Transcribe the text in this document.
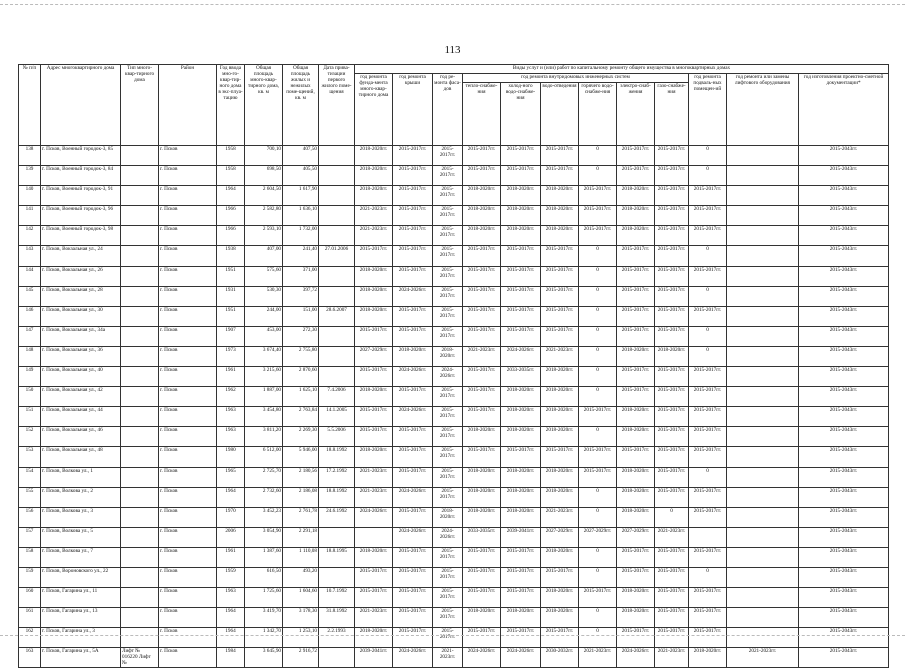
113
№ п/п	Адрес многоквартирного дома	Тип много-квар-тирного дома	Район	Год ввода мно-го-квар-тир-ного дома в экс-плуа-тацию	Общая площадь много-квар-тирного дома, кв. м	Общая площадь жилых и нежилых поме-щений, кв. м	Дата прива-тизации первого жилого поме-щения	Виды услуг и (или) работ по капитальному ремонту общего имущества в многоквартирных домах											
								год ремонта фунда-мента много-квар-тирного дома	год ремонта крыши	год ре-монта фаса-дов	год ремонта внутридомовых инженерных систем						год ремонта подваль-ных помещен-ий	год ремонта или замены лифтового оборудования	год изготовления проектно-сметной документации*
											тепло-снабже-ния	холод-ного водо-снабже-ния	водо-отведения	горячего водо-снабже-ния	электро-снаб-жения	газо-снабже-ния			
138	г. Псков, Военный городок-3, 85		г. Псков	1958	700,10	407,50		2018-2020гг.	2015-2017гг.	2015-2017гг.	2015-2017гг.	2015-2017гг.	2015-2017гг.	0	2015-2017гг.	2015-2017гг.	0		2015-2043гг.
139	г. Псков, Военный городок-3, 84		г. Псков	1958	698,50	405,50		2018-2020гг.	2015-2017гг.	2015-2017гг.	2015-2017гг.	2015-2017гг.	2015-2017гг.	0	2015-2017гг.	2015-2017гг.	0		2015-2043гг.
140	г. Псков, Военный городок-3, 91		г. Псков	1964	2 604,50	1 617,90		2018-2020гг.	2015-2017гг.	2015-2017гг.	2018-2020гг.	2018-2020гг.	2018-2020гг.	2015-2017гг.	2018-2020гг.	2015-2017гг.	2015-2017гг.		2015-2043гг.
141	г. Псков, Военный городок-3, 96		г. Псков	1966	2 582,80	1 636,10		2021-2023гг.	2015-2017гг.	2015-2017гг.	2018-2020гг.	2018-2020гг.	2018-2020гг.	2015-2017гг.	2018-2020гг.	2015-2017гг.	2015-2017гг.		2015-2043гг.
142	г. Псков, Военный городок-3, 98		г. Псков	1966	2 593,10	1 732,00		2021-2023гг.	2015-2017гг.	2015-2017гг.	2018-2020гг.	2018-2020гг.	2018-2020гг.	2015-2017гг.	2018-2020гг.	2015-2017гг.	2015-2017гг.		2015-2043гг.
143	г. Псков, Вокзальная ул., 24		г. Псков	1938	407,00	241,40	27.01.2006	2015-2017гг.	2015-2017гг.	2015-2017гг.	2015-2017гг.	2015-2017гг.	2015-2017гг.	0	2015-2017гг.	2015-2017гг.	0		2015-2043гг.
144	г. Псков, Вокзальная ул., 26		г. Псков	1951	575,60	371,00		2018-2020гг.	2015-2017гг.	2015-2017гг.	2015-2017гг.	2015-2017гг.	2015-2017гг.	0	2015-2017гг.	2015-2017гг.	2015-2017гг.		2015-2043гг.
145	г. Псков, Вокзальная ул., 28		г. Псков	1931	530,30	397,72		2018-2020гг.	2024-2026гг.	2015-2017гг.	2015-2017гг.	2015-2017гг.	2015-2017гг.	0	2015-2017гг.	2015-2017гг.	0		2015-2043гг.
146	г. Псков, Вокзальная ул., 30		г. Псков	1951	244,00	151,00	28.6.2007	2018-2020гг.	2015-2017гг.	2015-2017гг.	2015-2017гг.	2015-2017гг.	2015-2017гг.	0	2015-2017гг.	2015-2017гг.	2015-2017гг.		2015-2043гг.
147	г. Псков, Вокзальная ул., 34а		г. Псков	1907	453,00	272,30		2015-2017гг.	2015-2017гг.	2015-2017гг.	2015-2017гг.	2015-2017гг.	2015-2017гг.	0	2015-2017гг.	2015-2017гг.	0		2015-2043гг.
148	г. Псков, Вокзальная ул., 36		г. Псков	1973	3 674,40	2 755,80		2027-2029гг.	2018-2020гг.	2018-2020гг.	2021-2023гг.	2024-2026гг.	2021-2023гг.	0	2018-2020гг.	2018-2020гг.	0		2015-2043гг.
149	г. Псков, Вокзальная ул., 40		г. Псков	1961	3 215,60	2 870,60		2015-2017гг.	2024-2026гг.	2024-2026гг.	2015-2017гг.	2033-2035гг.	2018-2020гг.	0	2015-2017гг.	2015-2017гг.	2015-2017гг.		2015-2043гг.
150	г. Псков, Вокзальная ул., 42		г. Псков	1962	1 887,00	1 625,10	7.4.2006	2018-2020гг.	2015-2017гг.	2015-2017гг.	2015-2017гг.	2018-2020гг.	2018-2020гг.	0	2015-2017гг.	2015-2017гг.	2015-2017гг.		2015-2043гг.
151	г. Псков, Вокзальная ул., 44		г. Псков	1963	3 454,80	2 763,84	14.1.2005	2015-2017гг.	2024-2026гг.	2015-2017гг.	2015-2017гг.	2018-2020гг.	2018-2020гг.	2015-2017гг.	2018-2020гг.	2015-2017гг.	2015-2017гг.		2015-2043гг.
152	г. Псков, Вокзальная ул., 46		г. Псков	1963	3 811,20	2 269,30	5.5.2006	2015-2017гг.	2015-2017гг.	2015-2017гг.	2018-2020гг.	2018-2020гг.	2018-2020гг.	0	2018-2020гг.	2015-2017гг.	2015-2017гг.		2015-2043гг.
153	г. Псков, Вокзальная ул., 48		г. Псков	1980	6 512,00	5 946,00	18.8.1992	2018-2020гг.	2015-2017гг.	2015-2017гг.	2015-2017гг.	2015-2017гг.	2015-2017гг.	2015-2017гг.	2015-2017гг.	2015-2017гг.	2015-2017гг.		2015-2043гг.
154	г. Псков, Волкова ул., 1		г. Псков	1965	2 725,70	2 180,56	17.2.1992	2021-2023гг.	2015-2017гг.	2015-2017гг.	2018-2020гг.	2018-2020гг.	2018-2020гг.	2015-2017гг.	2018-2020гг.	2015-2017гг.	0		2015-2043гг.
155	г. Псков, Волкова ул., 2		г. Псков	1964	2 732,60	2 186,08	18.8.1992	2021-2023гг.	2024-2026гг.	2015-2017гг.	2018-2020гг.	2018-2020гг.	2018-2020гг.	0	2018-2020гг.	2015-2017гг.	2015-2017гг.		2015-2043гг.
156	г. Псков, Волкова ул., 3		г. Псков	1970	3 452,23	2 761,78	24.6.1992	2024-2026гг.	2015-2017гг.	2018-2020гг.	2018-2020гг.	2018-2020гг.	2021-2023гг.	0	2018-2020гг.	0	2015-2017гг.		2015-2043гг.
157	г. Псков, Волкова ул., 5		г. Псков	2006	3 054,90	2 291,18			2024-2026гг.	2024-2026гг.	2033-2035гг.	2039-2041гг.	2027-2029гг.	2027-2029гг.	2027-2029гг.	2021-2023гг.			2015-2043гг.
158	г. Псков, Волкова ул., 7		г. Псков	1961	1 387,60	1 110,08	18.8.1995	2018-2020гг.	2015-2017гг.	2015-2017гг.	2015-2017гг.	2015-2017гг.	2018-2020гг.	0	2015-2017гг.	2015-2017гг.	2015-2017гг.		2015-2043гг.
159	г. Псков, Вороновского ул., 22		г. Псков	1959	616,50	493,20		2015-2017гг.	2015-2017гг.	2015-2017гг.	2015-2017гг.	2015-2017гг.	2015-2017гг.	0	2015-2017гг.	2015-2017гг.	0		2015-2043гг.
160	г. Псков, Гагарина ул., 11		г. Псков	1963	1 725,60	1 604,60	10.7.1992	2015-2017гг.	2015-2017гг.	2015-2017гг.	2015-2017гг.	2015-2017гг.	2018-2020гг.	2015-2017гг.	2018-2020гг.	2015-2017гг.	2015-2017гг.		2015-2043гг.
161	г. Псков, Гагарина ул., 13		г. Псков	1964	3 419,70	3 178,30	31.8.1992	2021-2023гг.	2015-2017гг.	2015-2017гг.	2018-2020гг.	2018-2020гг.	2018-2020гг.	0	2018-2020гг.	2015-2017гг.	2015-2017гг.		2015-2043гг.
162	г. Псков, Гагарина ул., 3		г. Псков	1964	1 342,70	1 253,10	2.2.1993	2018-2020гг.	2015-2017гг.	2015-2017гг.	2015-2017гг.	2015-2017гг.	2015-2017гг.	0	2015-2017гг.	2015-2017гг.	2015-2017гг.		2015-2043гг.
163	г. Псков, Гагарина ул., 5А	Лифт № 016220 Лифт №	г. Псков	1984	3 645,90	2 916,72		2039-2041гг.	2024-2026гг.	2021-2023гг.	2024-2026гг.	2024-2026гг.	2030-2032гг.	2021-2023гг.	2024-2026гг.	2021-2023гг.	2018-2020гг.	2021-2023гг.	2015-2043гг.
